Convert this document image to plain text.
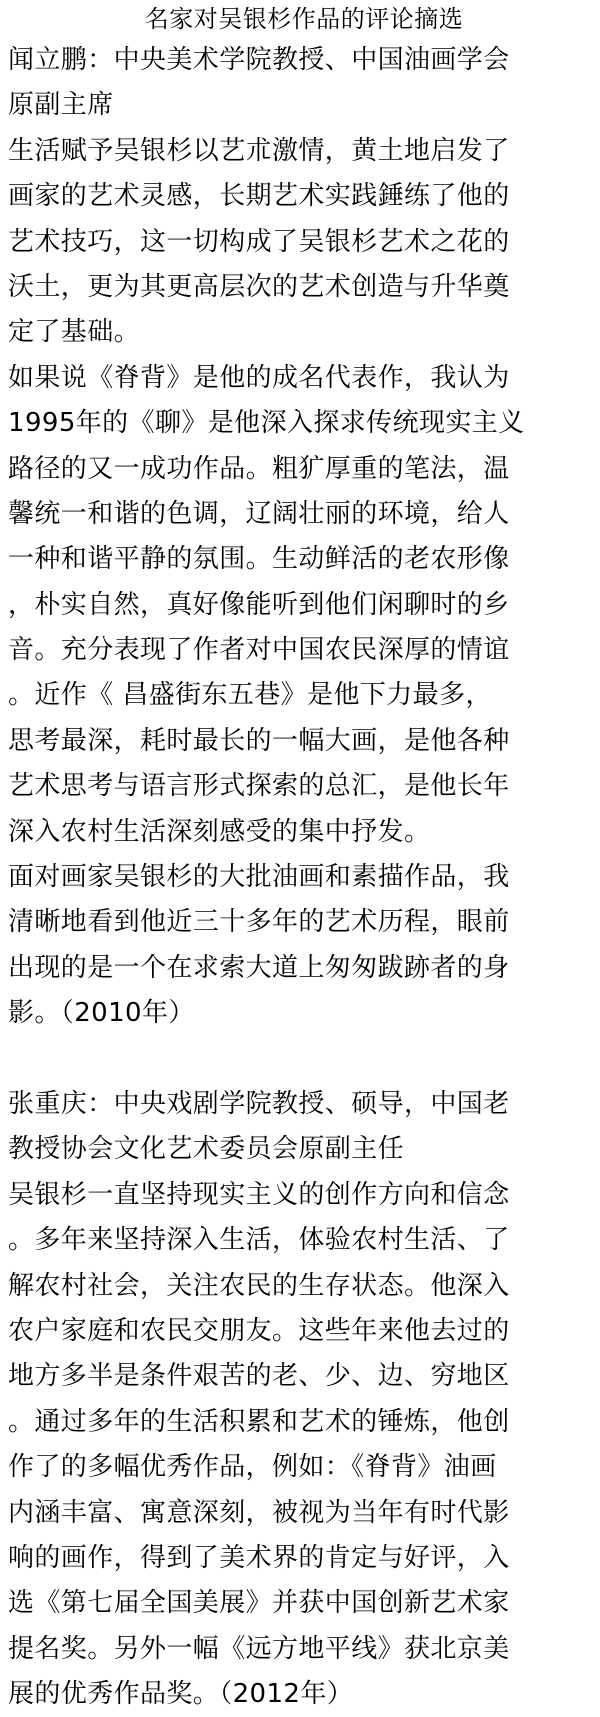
名家对吴银杉作品的评论摘选
闻立鹏：中央美术学院教授、中国油画学会
原副主席
生活赋予吴银杉以艺朮激情，黄土地启发了
画家的艺术灵感，长期艺术实践錘练了他的
艺术技巧，这一切构成了吴银杉艺术之花的
沃土，更为其更高层次的艺术创造与升华奠
定了基础。
如果说《脊背》是他的成名代表作，我认为
1995年的《聊》是他深入探求传统现实主义
路径的又一成功作品。粗犷厚重的笔法，温
馨统一和谐的色调，辽阔壮丽的环境，给人
一种和谐平静的氛围。生动鲜活的老农形像
，朴实自然，真好像能听到他们闲聊时的乡
音。充分表现了作者对中国农民深厚的情谊
。近作《 昌盛街东五巷》是他下力最多，
思考最深，耗时最长的一幅大画，是他各种
艺术思考与语言形式探索的总汇，是他长年
深入农村生活深刻感受的集中抒发。
面对画家吴银杉的大批油画和素描作品，我
清晰地看到他近三十多年的艺术历程，眼前
出现的是一个在求索大道上匆匆跋跡者的身
影。（2010年）
张重庆：中央戏剧学院教授、硕导，中国老
教授协会文化艺术委员会原副主任
吴银杉一直坚持现实主义的创作方向和信念
。多年来坚持深入生活，体验农村生活、了
解农村社会，关注农民的生存状态。他深入
农户家庭和农民交朋友。这些年来他去过的
地方多半是条件艰苦的老、少、边、穷地区
。通过多年的生活积累和艺术的锤炼，他创
作了的多幅优秀作品，例如：《脊背》油画
内涵丰富、寓意深刻，被视为当年有时代影
响的画作，得到了美术界的肯定与好评，入
选《第七届全国美展》并获中国创新艺术家
提名奖。另外一幅《远方地平线》获北京美
展的优秀作品奖。（2012年）
